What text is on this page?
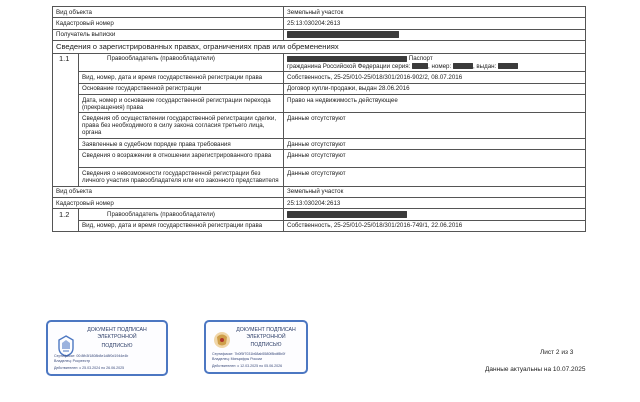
Вид объекта		Земельный участок
Кадастровый номер		25:13:030204:2613
Получатель выписки		
Сведения о зарегистрированных правах, ограничениях прав или обременениях		
1.1	Правообладатель (правообладатели)	Паспорт
гражданина Российской Федерации серия: , номер: , выдан:

	Вид, номер, дата и время государственной регистрации права	Собственность, 25-25/010-25/018/301/2016-902/2, 08.07.2016
	Основание государственной регистрации	Договор купли-продажи, выдан 28.06.2016
	Дата, номер и основание государственной регистрации перехода (прекращения) права	Право на недвижимость действующее
	Сведения об осуществлении государственной регистрации сделки, права без необходимого в силу закона согласия третьего лица, органа	Данные отсутствуют
	Заявленные в судебном порядке права требования	Данные отсутствуют
	Сведения о возражении в отношении зарегистрированного права	Данные отсутствуют
	Сведения о невозможности государственной регистрации без личного участия правообладателя или его законного представителя	Данные отсутствуют
Вид объекта		Земельный участок
Кадастровый номер		25:13:030204:2613
1.2	Правообладатель (правообладатели)	
	Вид, номер, дата и время государственной регистрации права	Собственность, 25-25/010-25/018/301/2016-749/1, 22.06.2016
ДОКУМЕНТ ПОДПИСАН
ЭЛЕКТРОННОЙ
ПОДПИСЬЮ
Сертификат: 00:8fb3f1808b8e1d8f0d1944e4b
Владелец: Росреестр
Действителен: с 25.03.2024 по 26.06.2025
ДОКУМЕНТ ПОДПИСАН
ЭЛЕКТРОННОЙ
ПОДПИСЬЮ
Сертификат: 7b0f5f7031b68ab5580f8bdf8b0f
Владелец: Минцифры России
Действителен: с 12.03.2025 по 05.06.2026
Лист 2 из 3
Данные актуальны на 10.07.2025
